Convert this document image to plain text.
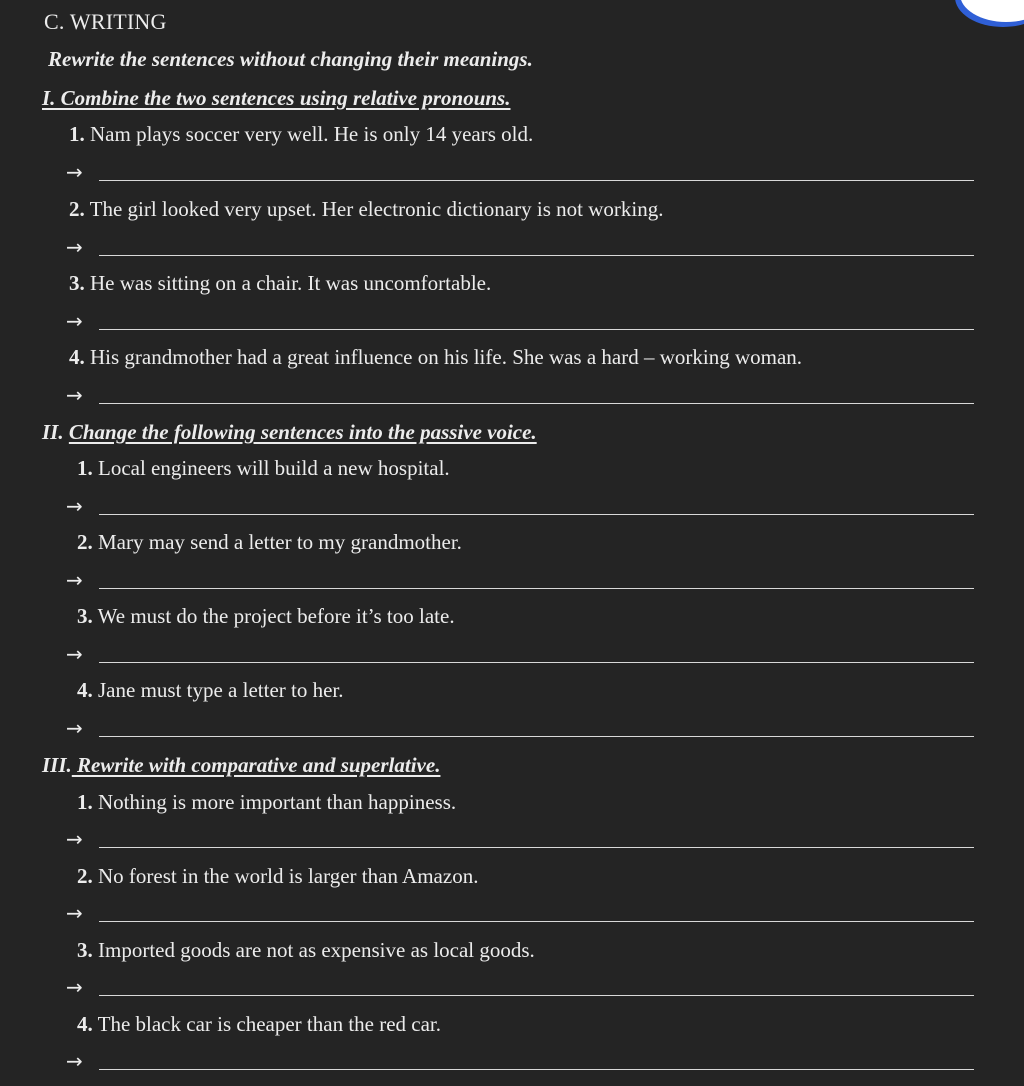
C. WRITING
Rewrite the sentences without changing their meanings.
I. Combine the two sentences using relative pronouns.
1. Nam plays soccer very well. He is only 14 years old.
→
2. The girl looked very upset. Her electronic dictionary is not working.
→
3. He was sitting on a chair. It was uncomfortable.
→
4. His grandmother had a great influence on his life. She was a hard – working woman.
→
II. Change the following sentences into the passive voice.
1. Local engineers will build a new hospital.
→
2. Mary may send a letter to my grandmother.
→
3. We must do the project before it’s too late.
→
4. Jane must type a letter to her.
→
III. Rewrite with comparative and superlative.
1. Nothing is more important than happiness.
→
2. No forest in the world is larger than Amazon.
→
3. Imported goods are not as expensive as local goods.
→
4. The black car is cheaper than the red car.
→
